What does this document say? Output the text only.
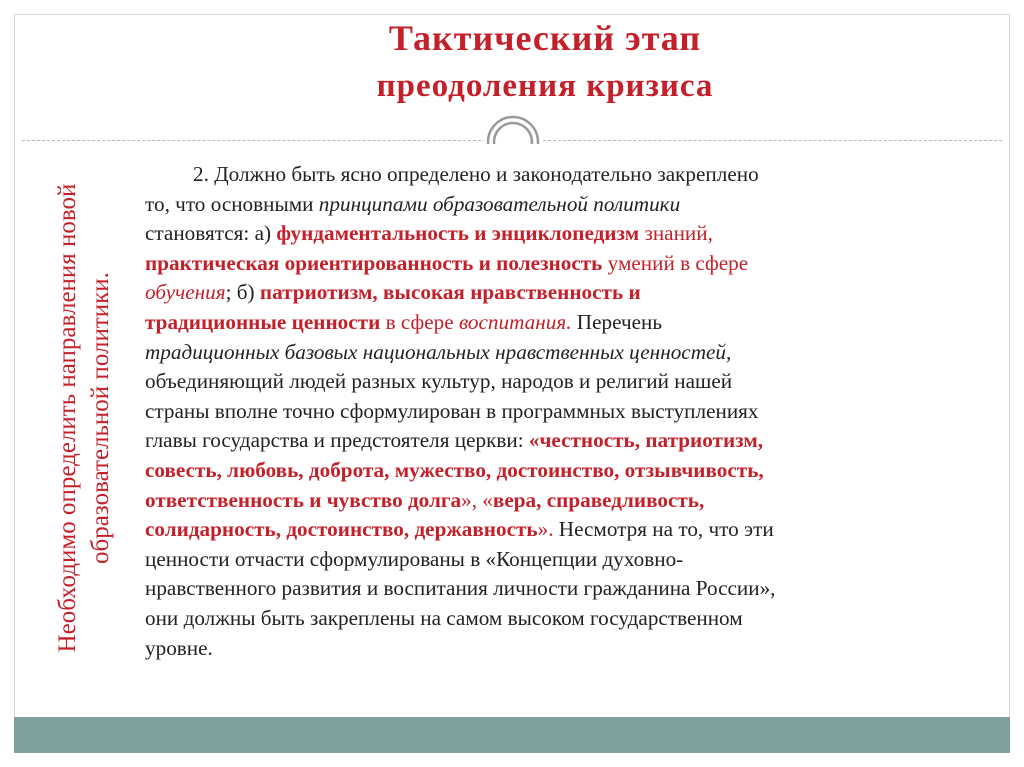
Тактический этап
преодоления кризиса
Необходимо определить направления новой образовательной политики.
2. Должно быть ясно определено и законодательно закреплено
то, что основными принципами образовательной политики
становятся: а) фундаментальность и энциклопедизм знаний,
практическая ориентированность и полезность умений в сфере
обучения; б) патриотизм, высокая нравственность и
традиционные ценности в сфере воспитания. Перечень
традиционных базовых национальных нравственных ценностей,
объединяющий людей разных культур, народов и религий нашей
страны вполне точно сформулирован в программных выступлениях
главы государства и предстоятеля церкви: «честность, патриотизм,
совесть, любовь, доброта, мужество, достоинство, отзывчивость,
ответственность и чувство долга», «вера, справедливость,
солидарность, достоинство, державность». Несмотря на то, что эти
ценности отчасти сформулированы в «Концепции духовно-
нравственного развития и воспитания личности гражданина России»,
они должны быть закреплены на самом высоком государственном
уровне.
